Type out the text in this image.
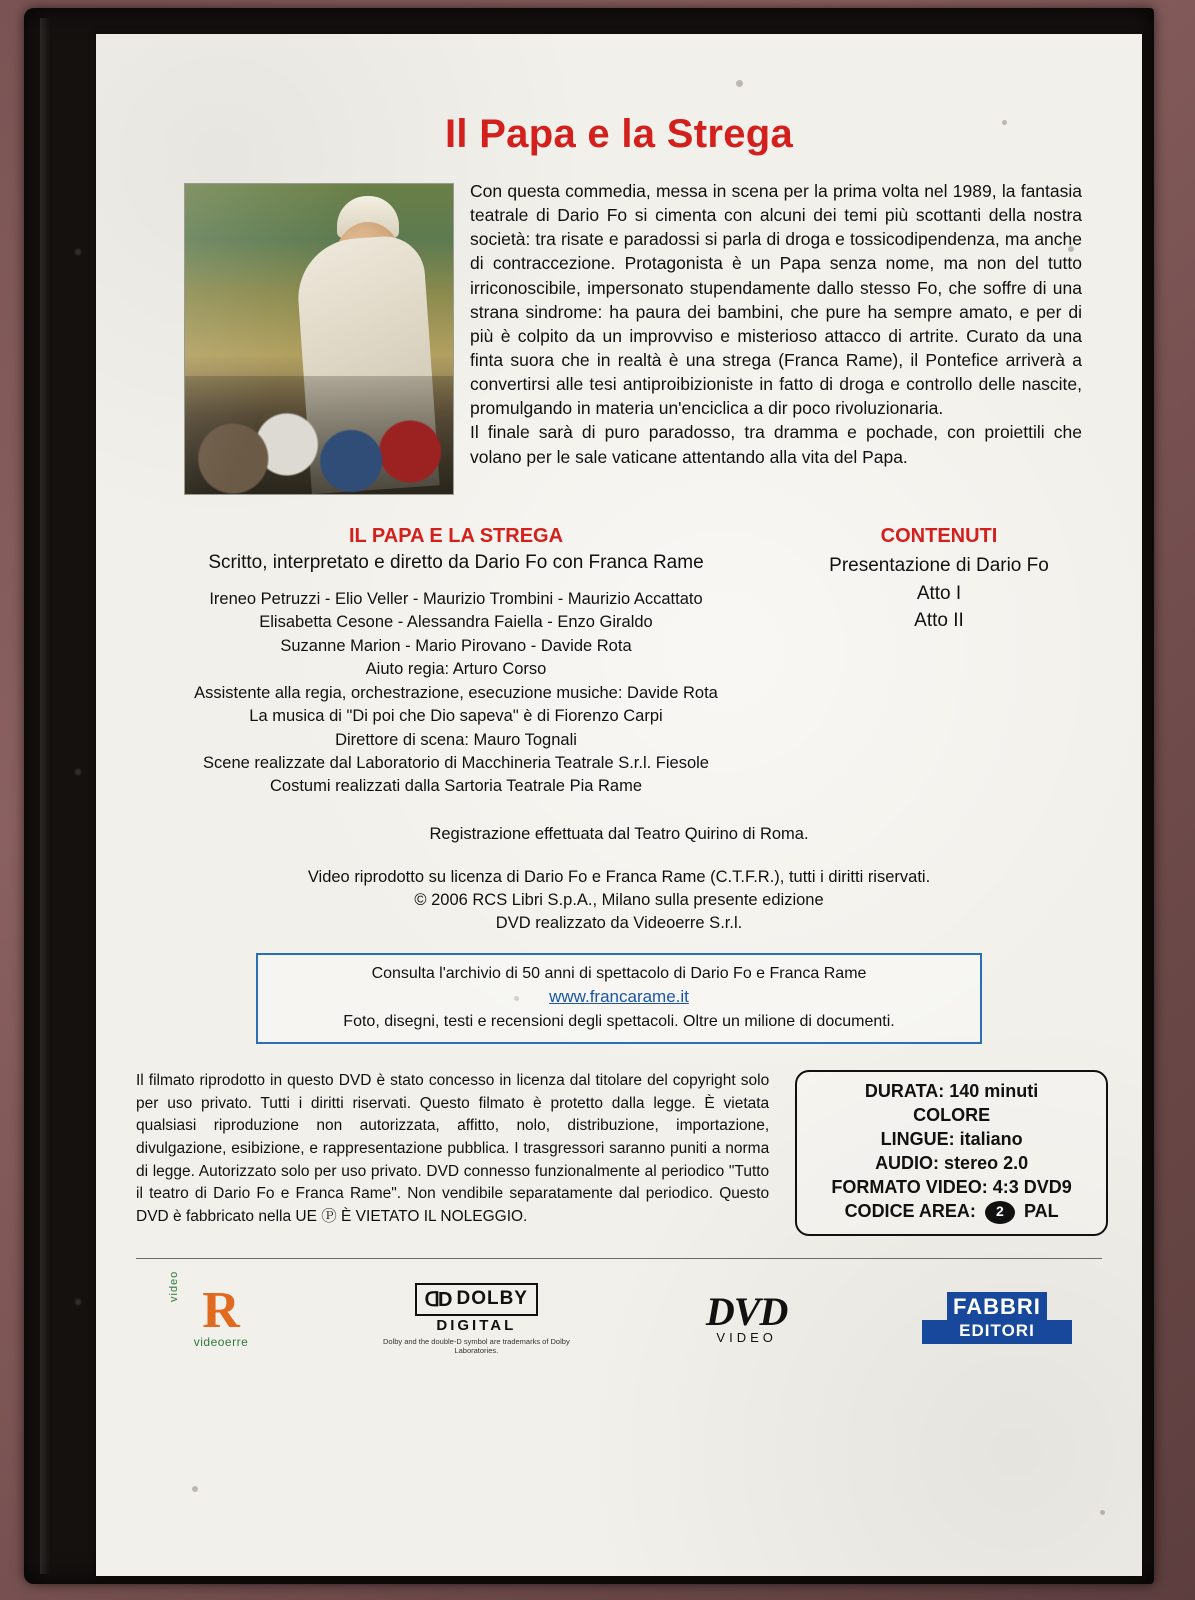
Il Papa e la Strega

Con questa commedia, messa in scena per la prima volta nel 1989, la fantasia teatrale di Dario Fo si cimenta con alcuni dei temi più scottanti della nostra società: tra risate e paradossi si parla di droga e tossicodipendenza, ma anche di contraccezione. Protagonista è un Papa senza nome, ma non del tutto irriconoscibile, impersonato stupendamente dallo stesso Fo, che soffre di una strana sindrome: ha paura dei bambini, che pure ha sempre amato, e per di più è colpito da un improvviso e misterioso attacco di artrite. Curato da una finta suora che in realtà è una strega (Franca Rame), il Pontefice arriverà a convertirsi alle tesi antiproibizioniste in fatto di droga e controllo delle nascite, promulgando in materia un'enciclica a dir poco rivoluzionaria.

Il finale sarà di puro paradosso, tra dramma e pochade, con proiettili che volano per le sale vaticane attentando alla vita del Papa.

IL PAPA E LA STREGA
Scritto, interpretato e diretto da Dario Fo con Franca Rame
Ireneo Petruzzi - Elio Veller - Maurizio Trombini - Maurizio Accattato
Elisabetta Cesone - Alessandra Faiella - Enzo Giraldo
Suzanne Marion - Mario Pirovano - Davide Rota
Aiuto regia: Arturo Corso
Assistente alla regia, orchestrazione, esecuzione musiche: Davide Rota
La musica di "Di poi che Dio sapeva" è di Fiorenzo Carpi
Direttore di scena: Mauro Tognali
Scene realizzate dal Laboratorio di Macchineria Teatrale S.r.l. Fiesole
Costumi realizzati dalla Sartoria Teatrale Pia Rame
CONTENUTI
Presentazione di Dario Fo
Atto I
Atto II
Registrazione effettuata dal Teatro Quirino di Roma.
Video riprodotto su licenza di Dario Fo e Franca Rame (C.T.F.R.), tutti i diritti riservati.
© 2006 RCS Libri S.p.A., Milano sulla presente edizione
DVD realizzato da Videoerre S.r.l.
Consulta l'archivio di 50 anni di spettacolo di Dario Fo e Franca Rame
www.francarame.it
Foto, disegni, testi e recensioni degli spettacoli. Oltre un milione di documenti.
Il filmato riprodotto in questo DVD è stato concesso in licenza dal titolare del copyright solo per uso privato. Tutti i diritti riservati. Questo filmato è protetto dalla legge. È vietata qualsiasi riproduzione non autorizzata, affitto, nolo, distribuzione, importazione, divulgazione, esibizione, e rappresentazione pubblica. I trasgressori saranno puniti a norma di legge. Autorizzato solo per uso privato. DVD connesso funzionalmente al periodico "Tutto il teatro di Dario Fo e Franca Rame". Non vendibile separatamente dal periodico. Questo DVD è fabbricato nella UE Ⓟ È VIETATO IL NOLEGGIO.
DURATA: 140 minuti
COLORE
LINGUE: italiano
AUDIO: stereo 2.0
FORMATO VIDEO: 4:3 DVD9
CODICE AREA: 2 PAL
video R
videoerre
ᗡD DOLBY
DIGITAL
Dolby and the double-D symbol are trademarks of Dolby Laboratories.
DVD
VIDEO
FABBRI
EDITORI
